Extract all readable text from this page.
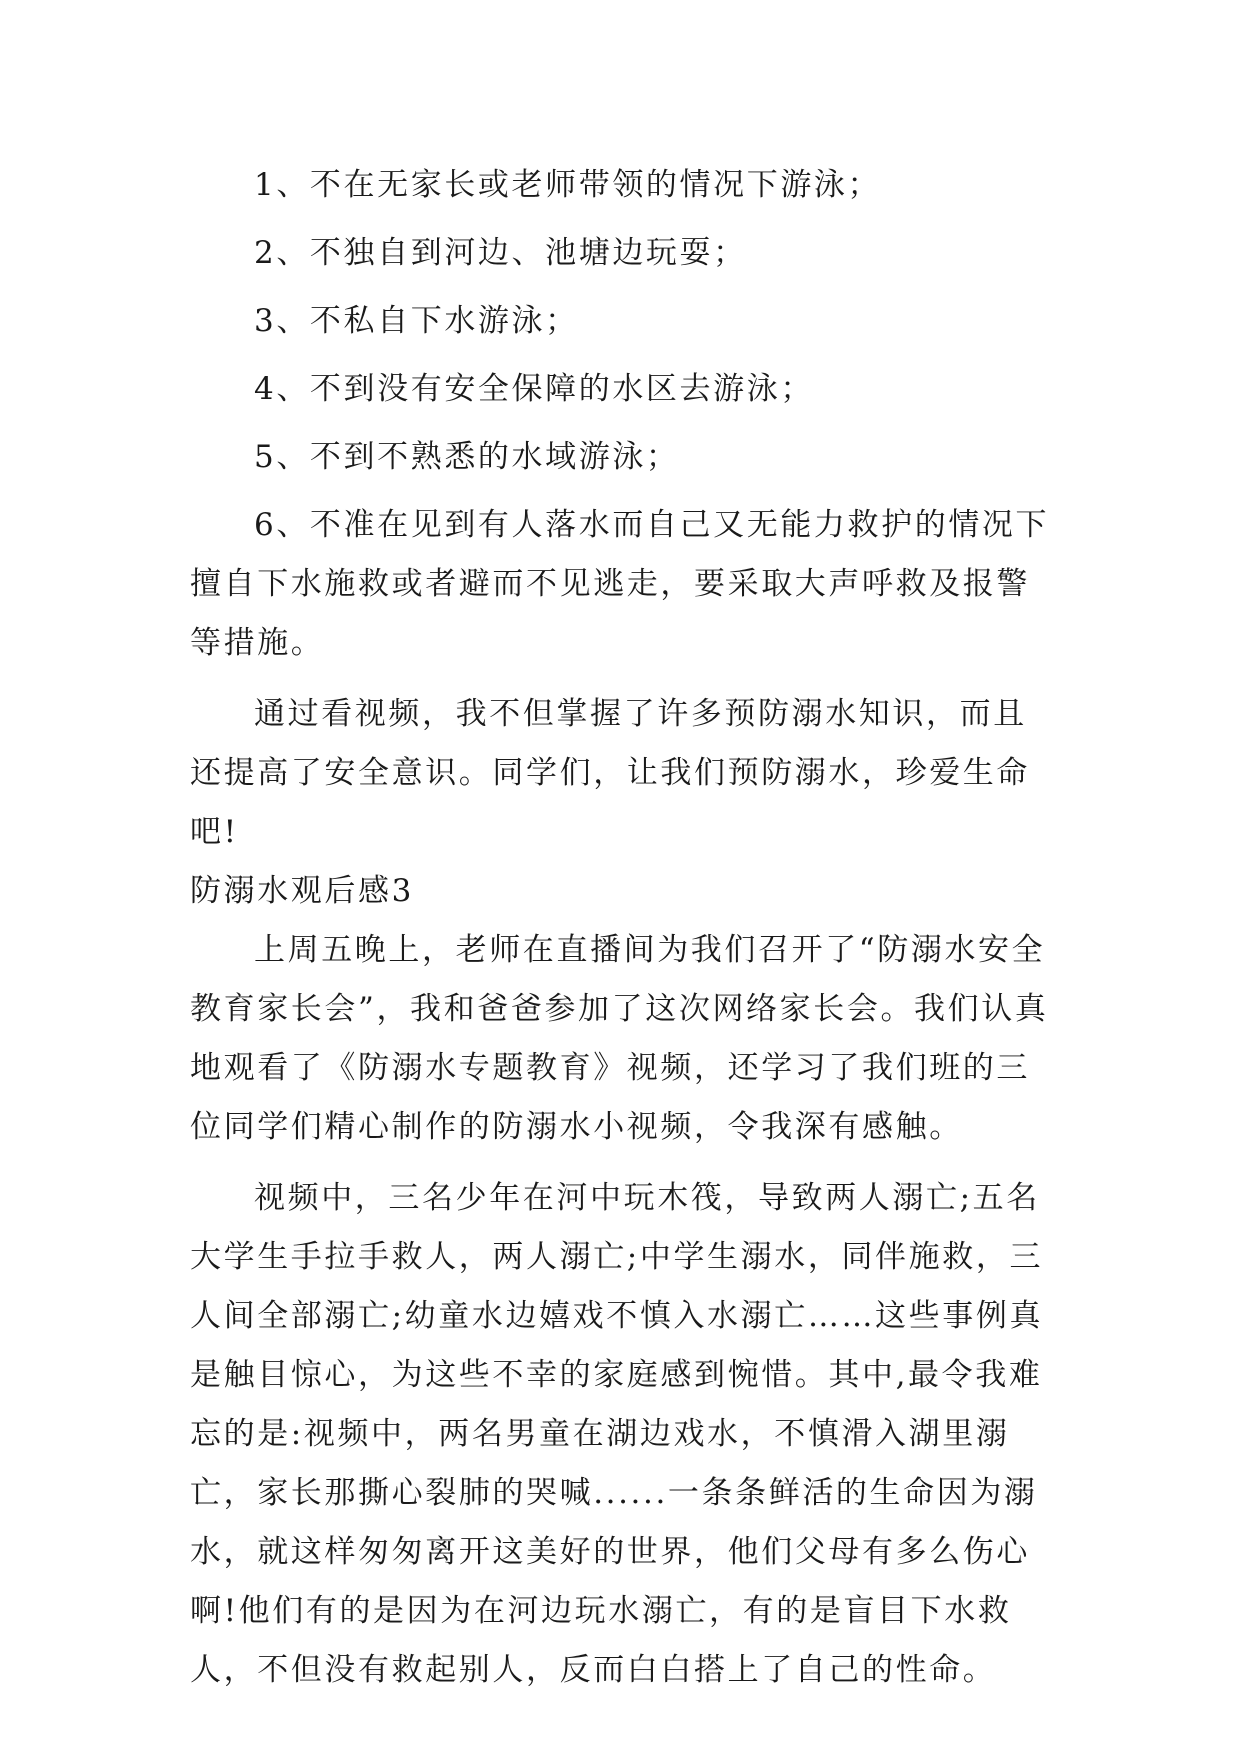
1、不在无家长或老师带领的情况下游泳；

2、不独自到河边、池塘边玩耍；

3、不私自下水游泳；

4、不到没有安全保障的水区去游泳；

5、不到不熟悉的水域游泳；

6、不准在见到有人落水而自己又无能力救护的情况下擅自下水施救或者避而不见逃走，要采取大声呼救及报警等措施。

通过看视频，我不但掌握了许多预防溺水知识，而且还提高了安全意识。同学们，让我们预防溺水，珍爱生命吧!

防溺水观后感3

上周五晚上，老师在直播间为我们召开了“防溺水安全教育家长会”，我和爸爸参加了这次网络家长会。我们认真地观看了《防溺水专题教育》视频，还学习了我们班的三位同学们精心制作的防溺水小视频，令我深有感触。

视频中，三名少年在河中玩木筏，导致两人溺亡;五名大学生手拉手救人，两人溺亡;中学生溺水，同伴施救，三人间全部溺亡;幼童水边嬉戏不慎入水溺亡……这些事例真是触目惊心，为这些不幸的家庭感到惋惜。其中,最令我难忘的是:视频中，两名男童在湖边戏水，不慎滑入湖里溺亡，家长那撕心裂肺的哭喊......一条条鲜活的生命因为溺水，就这样匆匆离开这美好的世界，他们父母有多么伤心啊!他们有的是因为在河边玩水溺亡，有的是盲目下水救人，不但没有救起别人，反而白白搭上了自己的性命。
